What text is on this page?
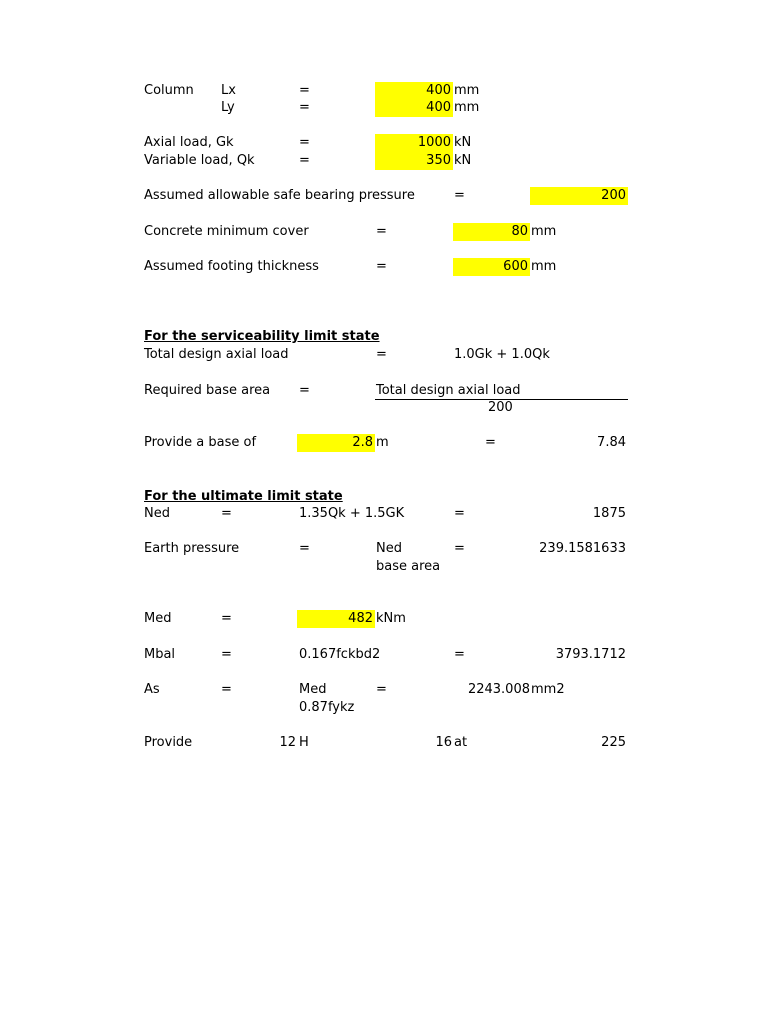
Column Lx	=	400 mm
Ly	=	400 mm
Axial load, Gk	=	1000 kN
Variable load, Qk	=	350 kN
Assumed allowable safe bearing pressure	=	200
Concrete minimum cover	=	80 mm
Assumed footing thickness	=	600 mm
For the serviceability limit state
Total design axial load	=	1.0Gk + 1.0Qk
Required base area =	Total design axial load
200
Provide a base of	2.8 m	=	7.84
For the ultimate limit state
Ned	=	1.35Qk + 1.5GK	=	1875
Earth pressure	=	Ned	=	239.1581633
base area
Med	=	482 kNm
Mbal	=	0.167fckbd2	=	3793.1712
As	=	Med	=	2243.008 mm2
0.87fykz
Provide	12 H	16 at	225
